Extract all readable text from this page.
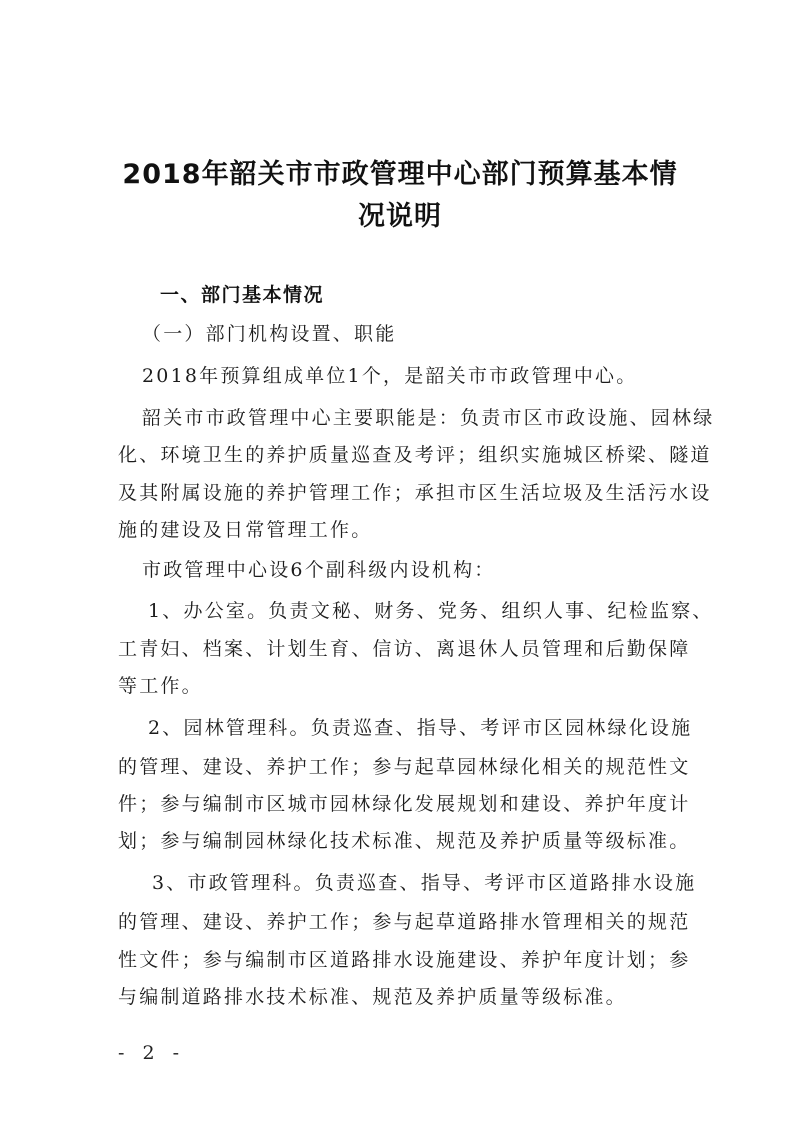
2018年韶关市市政管理中心部门预算基本情
况说明
一、部门基本情况
（一）部门机构设置、职能
2018年预算组成单位1个，是韶关市市政管理中心。
韶关市市政管理中心主要职能是：负责市区市政设施、园林绿
化、环境卫生的养护质量巡查及考评；组织实施城区桥梁、隧道
及其附属设施的养护管理工作；承担市区生活垃圾及生活污水设
施的建设及日常管理工作。
市政管理中心设6个副科级内设机构：
1、办公室。负责文秘、财务、党务、组织人事、纪检监察、
工青妇、档案、计划生育、信访、离退休人员管理和后勤保障
等工作。
2、园林管理科。负责巡查、指导、考评市区园林绿化设施
的管理、建设、养护工作；参与起草园林绿化相关的规范性文
件；参与编制市区城市园林绿化发展规划和建设、养护年度计
划；参与编制园林绿化技术标准、规范及养护质量等级标准。
3、市政管理科。负责巡查、指导、考评市区道路排水设施
的管理、建设、养护工作；参与起草道路排水管理相关的规范
性文件；参与编制市区道路排水设施建设、养护年度计划；参
与编制道路排水技术标准、规范及养护质量等级标准。
- 2 -
